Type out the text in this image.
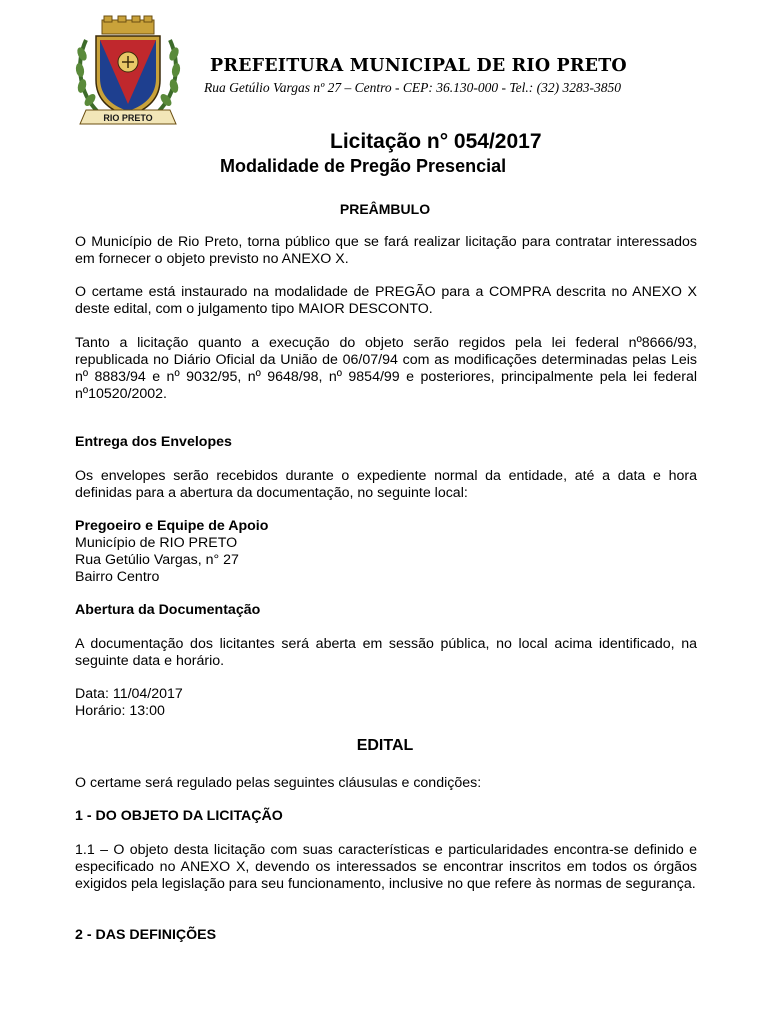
RIO PRETO
PREFEITURA MUNICIPAL DE RIO PRETO
Rua Getúlio Vargas nº 27 – Centro - CEP: 36.130-000 - Tel.: (32) 3283-3850
Licitação n° 054/2017
Modalidade de Pregão Presencial
PREÂMBULO
O Município de Rio Preto, torna público que se fará realizar licitação para contratar interessados em fornecer o objeto previsto no ANEXO X.
O certame está instaurado na modalidade de PREGÃO para a COMPRA descrita no ANEXO X deste edital, com o julgamento tipo MAIOR DESCONTO.
Tanto a licitação quanto a execução do objeto serão regidos pela lei federal nº8666/93, republicada no Diário Oficial da União de 06/07/94 com as modificações determinadas pelas Leis nº 8883/94 e nº 9032/95, nº 9648/98, nº 9854/99 e posteriores, principalmente pela lei federal nº10520/2002.
Entrega dos Envelopes
Os envelopes serão recebidos durante o expediente normal da entidade, até a data e hora definidas para a abertura da documentação, no seguinte local:
Pregoeiro e Equipe de Apoio
Município de RIO PRETO
Rua Getúlio Vargas, n° 27
Bairro Centro
Abertura da Documentação
A documentação dos licitantes será aberta em sessão pública, no local acima identificado, na seguinte data e horário.
Data: 11/04/2017
Horário: 13:00
EDITAL
O certame será regulado pelas seguintes cláusulas e condições:
1 - DO OBJETO DA LICITAÇÃO
1.1 – O objeto desta licitação com suas características e particularidades encontra-se definido e especificado no ANEXO X, devendo os interessados se encontrar inscritos em todos os órgãos exigidos pela legislação para seu funcionamento, inclusive no que refere às normas de segurança.
2 - DAS DEFINIÇÕES
